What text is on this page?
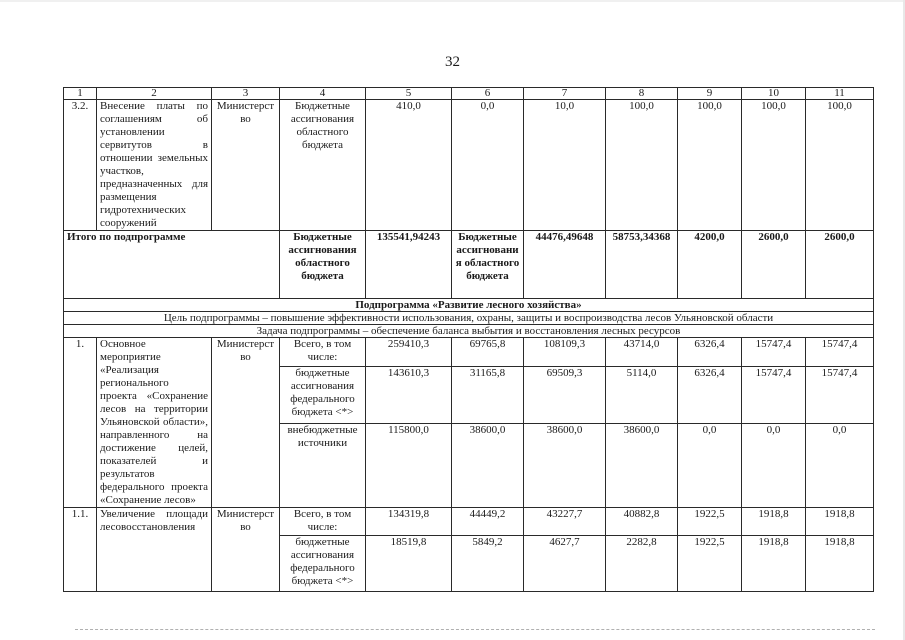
32
1	2	3	4	5	6	7	8	9	10	11
3.2.	Внесение платы по соглашениям об установлении сервитутов в отношении земельных участков, предназначенных для размещения гидротехнических сооружений	Министерство	Бюджетные ассигнования областного бюджета	410,0	0,0	10,0	100,0	100,0	100,0	100,0
Итого по подпрограмме			Бюджетные ассигнования областного бюджета	135541,94243	Бюджетные ассигнования областного бюджета	44476,49648	58753,34368	4200,0	2600,0	2600,0
Подпрограмма «Развитие лесного хозяйства»										
Цель подпрограммы – повышение эффективности использования, охраны, защиты и воспроизводства лесов Ульяновской области										
Задача подпрограммы – обеспечение баланса выбытия и восстановления лесных ресурсов										
1.	Основное мероприятие «Реализация регионального проекта «Сохранение лесов на территории Ульяновской области», направленного на достижение целей, показателей и результатов федерального проекта «Сохранение лесов»	Министерство	Всего, в том числе:	259410,3	69765,8	108109,3	43714,0	6326,4	15747,4	15747,4
			бюджетные ассигнования федерального бюджета <*>	143610,3	31165,8	69509,3	5114,0	6326,4	15747,4	15747,4
			внебюджетные источники	115800,0	38600,0	38600,0	38600,0	0,0	0,0	0,0
1.1.	Увеличение площади лесовосстановления	Министерство	Всего, в том числе:	134319,8	44449,2	43227,7	40882,8	1922,5	1918,8	1918,8
			бюджетные ассигнования федерального бюджета <*>	18519,8	5849,2	4627,7	2282,8	1922,5	1918,8	1918,8
